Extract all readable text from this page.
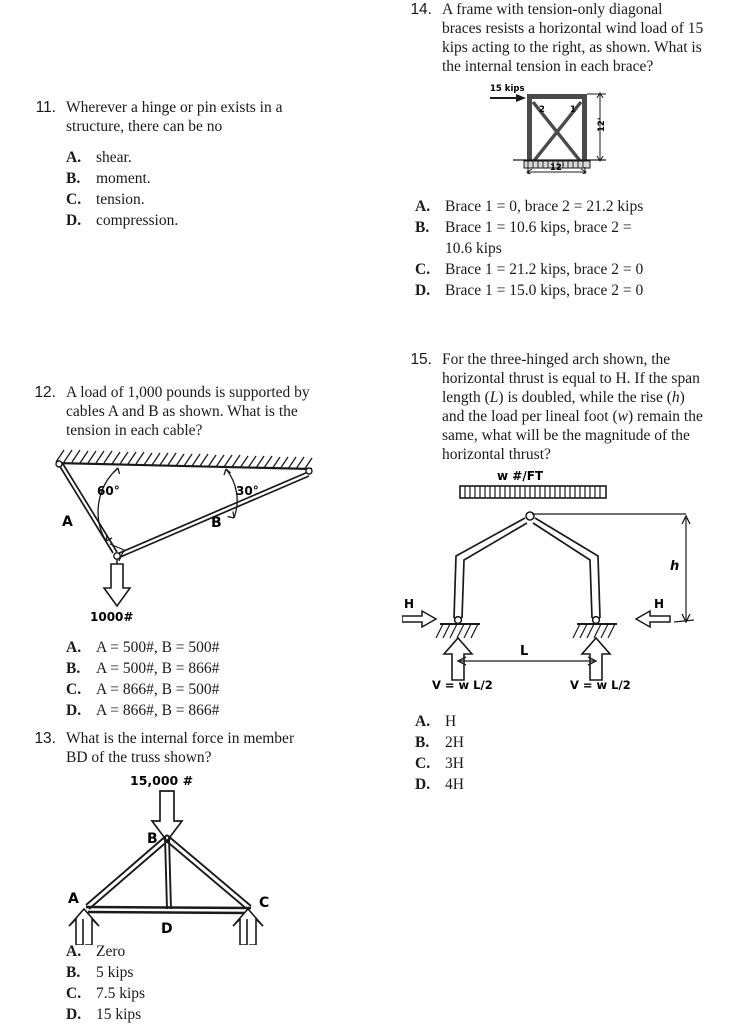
11. Wherever a hinge or pin exists in a structure, there can be no
A. shear.
B.	moment.
C. tension.
D. compression.
12. A load of 1,000 pounds is supported by cables A and B as shown. What is the tension in each cable?
60°	30°
A	B
1000#
A. A = 500#, B = 500#
B.	A = 500#, B = 866#
C. A = 866#, B = 500#
D. A = 866#, B = 866#
13. What is the internal force in member BD of the truss shown?
15,000 #
B
A	C
D
A. Zero
B.	5 kips
C. 7.5 kips
D. 15 kips
14. A frame with tension-only diagonal braces resists a horizontal wind load of 15 kips acting to the right, as shown. What is the internal tension in each brace?
15 kips
2	1
12'
12'
A. Brace 1 = 0, brace 2 = 21.2 kips
B.	Brace 1 = 10.6 kips, brace 2 = 10.6 kips
C. Brace 1 = 21.2 kips, brace 2 = 0
D. Brace 1 = 15.0 kips, brace 2 = 0
15. For the three-hinged arch shown, the horizontal thrust is equal to H. If the span length (L) is doubled, while the rise (h) and the load per lineal foot (w) remain the same, what will be the magnitude of the horizontal thrust?
w #/FT
H	H
h
L
V = w L/2	V = w L/2
A. H
B.	2H
C. 3H
D. 4H
